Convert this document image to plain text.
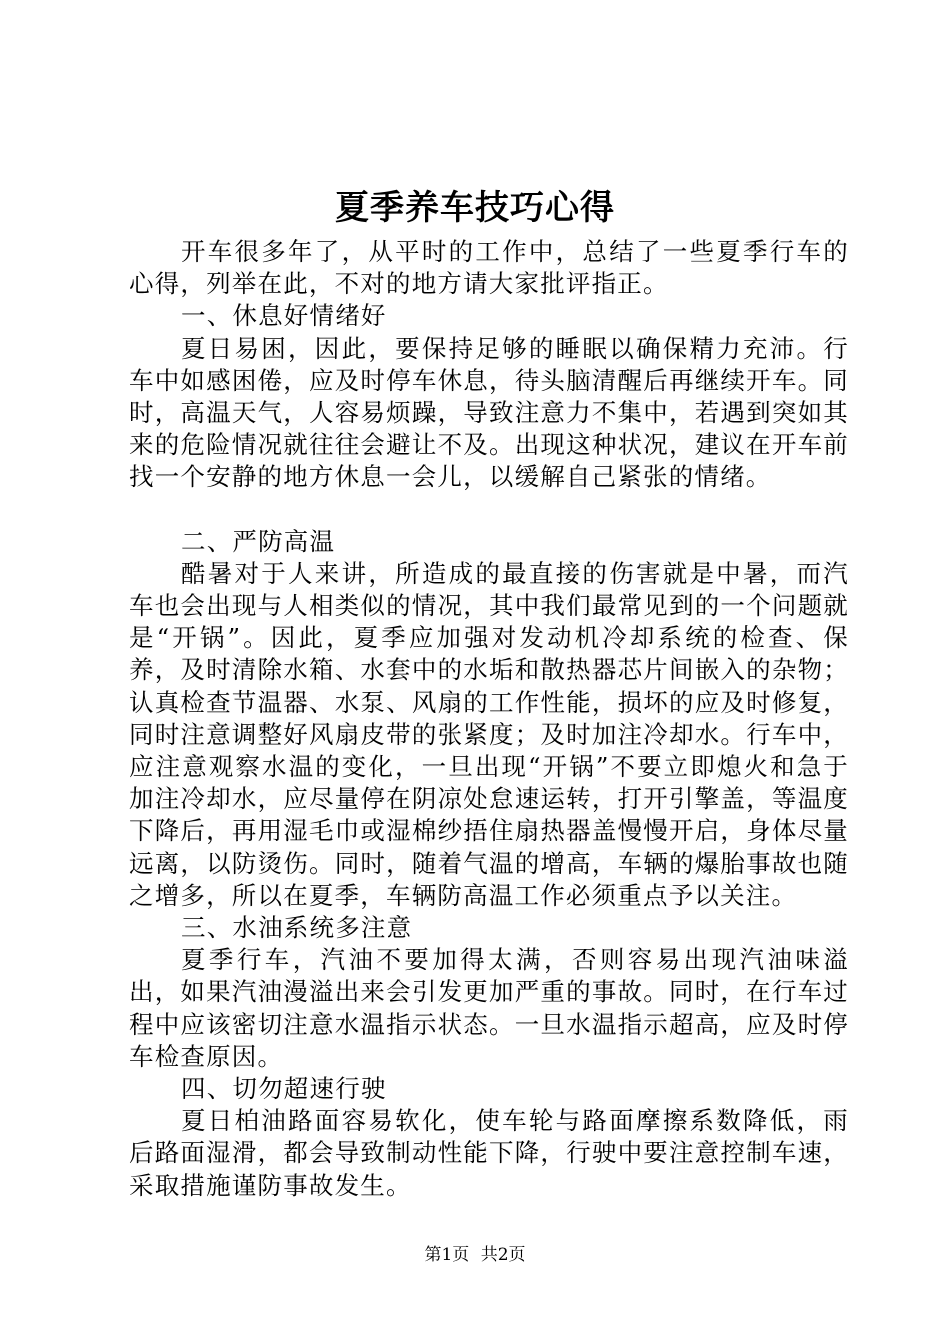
夏季养车技巧心得

开车很多年了，从平时的工作中，总结了一些夏季行车的心得，列举在此，不对的地方请大家批评指正。

一、休息好情绪好

夏日易困，因此，要保持足够的睡眠以确保精力充沛。行车中如感困倦，应及时停车休息，待头脑清醒后再继续开车。同时，高温天气，人容易烦躁，导致注意力不集中，若遇到突如其来的危险情况就往往会避让不及。出现这种状况，建议在开车前找一个安静的地方休息一会儿，以缓解自己紧张的情绪。

二、严防高温

酷暑对于人来讲，所造成的最直接的伤害就是中暑，而汽车也会出现与人相类似的情况，其中我们最常见到的一个问题就是“开锅”。因此，夏季应加强对发动机冷却系统的检查、保养，及时清除水箱、水套中的水垢和散热器芯片间嵌入的杂物；认真检查节温器、水泵、风扇的工作性能，损坏的应及时修复，同时注意调整好风扇皮带的张紧度；及时加注冷却水。行车中，应注意观察水温的变化，一旦出现“开锅”不要立即熄火和急于加注冷却水，应尽量停在阴凉处怠速运转，打开引擎盖，等温度下降后，再用湿毛巾或湿棉纱捂住扇热器盖慢慢开启，身体尽量远离，以防烫伤。同时，随着气温的增高，车辆的爆胎事故也随之增多，所以在夏季，车辆防高温工作必须重点予以关注。

三、水油系统多注意

夏季行车，汽油不要加得太满，否则容易出现汽油味溢出，如果汽油漫溢出来会引发更加严重的事故。同时，在行车过程中应该密切注意水温指示状态。一旦水温指示超高，应及时停车检查原因。

四、切勿超速行驶

夏日柏油路面容易软化，使车轮与路面摩擦系数降低，雨后路面湿滑，都会导致制动性能下降，行驶中要注意控制车速，采取措施谨防事故发生。

第1页 共2页
